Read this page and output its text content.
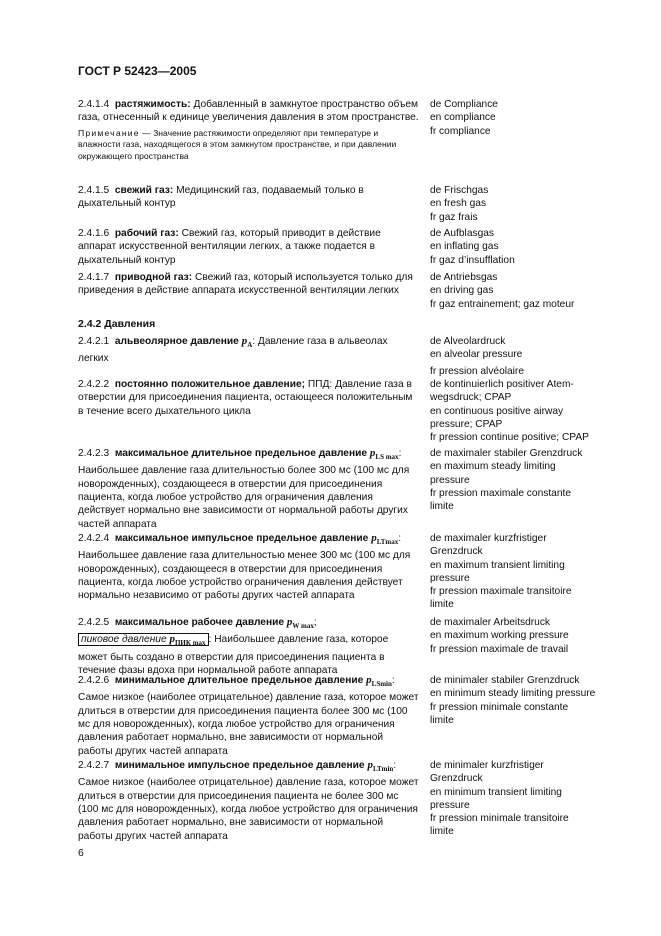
ГОСТ Р 52423—2005
2.4.1.4 растяжимость: Добавленный в замкнутое пространство объем газа, отнесенный к единице увеличения давления в этом пространстве.
Примечание — Значение растяжимости определяют при температуре и влажности газа, находящегося в этом замкнутом пространстве, и при давлении окружающего пространства
de Compliance
en compliance
fr compliance
2.4.1.5 свежий газ: Медицинский газ, подаваемый только в дыхательный контур
de Frischgas
en fresh gas
fr gaz frais
2.4.1.6 рабочий газ: Свежий газ, который приводит в действие аппарат искусственной вентиляции легких, а также подается в дыхательный контур
de Aufblasgas
en inflating gas
fr gaz d’insufflation
2.4.1.7 приводной газ: Свежий газ, который используется только для приведения в действие аппарата искусственной вентиляции легких
de Antriebsgas
en driving gas
fr gaz entrainement; gaz moteur
2.4.2 Давления
2.4.2.1 альвеолярное давление $p_A$: Давление газа в альвеолах легких
de Alveolardruck
en alveolar pressure
fr pression alvéolaire
2.4.2.2 постоянно положительное давление; ППД: Давление газа в отверстии для присоединения пациента, остающееся положительным в течение всего дыхательного цикла
de kontinuierlich positiver Atem-
wegsdruck; CPAP
en continuous positive airway
pressure; CPAP
fr pression continue positive; CPAP
2.4.2.3 максимальное длительное предельное давление $p_{LS max}$: Наибольшее давление газа длительностью более 300 мс (100 мс для новорожденных), создающееся в отверстии для присоединения пациента, когда любое устройство для ограничения давления действует нормально вне зависимости от нормальной работы других частей аппарата
de maximaler stabiler Grenzdruck
en maximum steady limiting
pressure
fr pression maximale constante
limite
2.4.2.4 максимальное импульсное предельное давление $p_{LTmax}$: Наибольшее давление газа длительностью менее 300 мс (100 мс для новорожденных), создающееся в отверстии для присоединения пациента, когда любое устройство ограничения давления действует нормально независимо от работы других частей аппарата
de maximaler kurzfristiger
Grenzdruck
en maximum transient limiting
pressure
fr pression maximale transitoire
limite
2.4.2.5 максимальное рабочее давление $p_{W max}$;
пиковое давление $p_{ПИК max}$ : Наибольшее давление газа, которое может быть создано в отверстии для присоединения пациента в течение фазы вдоха при нормальной работе аппарата
de maximaler Arbeitsdruck
en maximum working pressure
fr pression maximale de travail
2.4.2.6 минимальное длительное предельное давление $p_{LSmin}$: Самое низкое (наиболее отрицательное) давление газа, которое может длиться в отверстии для присоединения пациента более 300 мс (100 мс для новорожденных), когда любое устройство для ограничения давления работает нормально, вне зависимости от нормальной работы других частей аппарата
de minimaler stabiler Grenzdruck
en minimum steady limiting pressure
fr pression minimale constante
limite
2.4.2.7 минимальное импульсное предельное давление $p_{LTmin}$: Самое низкое (наиболее отрицательное) давление газа, которое может длиться в отверстии для присоединения пациента не более 300 мс (100 мс для новорожденных), когда любое устройство для ограничения давления работает нормально, вне зависимости от нормальной работы других частей аппарата
de minimaler kurzfristiger
Grenzdruck
en minimum transient limiting
pressure
fr pression minimale transitoire
limite
6
